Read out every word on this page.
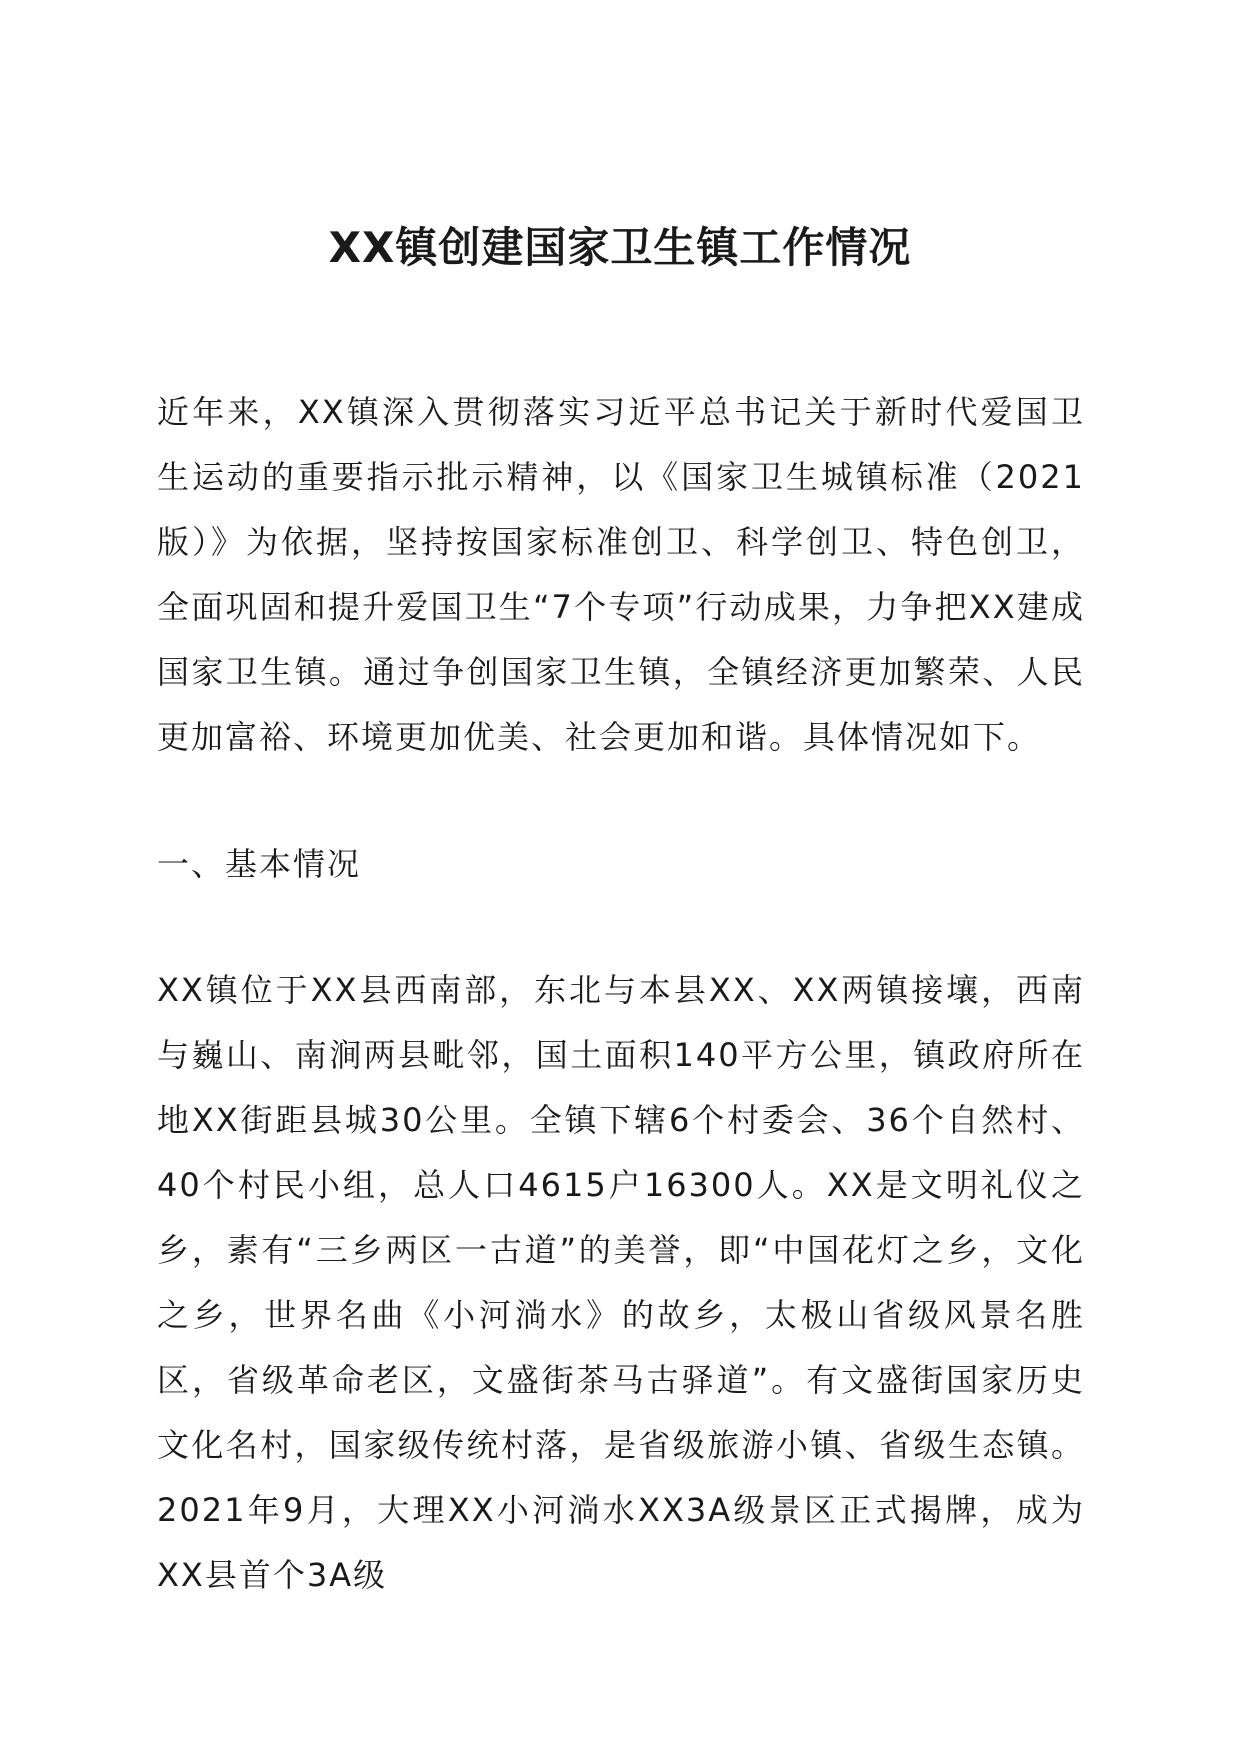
XX镇创建国家卫生镇工作情况

近年来，XX镇深入贯彻落实习近平总书记关于新时代爱国卫生运动的重要指示批示精神，以《国家卫生城镇标准（2021版）》为依据，坚持按国家标准创卫、科学创卫、特色创卫，全面巩固和提升爱国卫生“7个专项”行动成果，力争把XX建成国家卫生镇。通过争创国家卫生镇，全镇经济更加繁荣、人民更加富裕、环境更加优美、社会更加和谐。具体情况如下。

一、基本情况

XX镇位于XX县西南部，东北与本县XX、XX两镇接壤，西南与巍山、南涧两县毗邻，国土面积140平方公里，镇政府所在地XX街距县城30公里。全镇下辖6个村委会、36个自然村、40个村民小组，总人口4615户16300人。XX是文明礼仪之乡，素有“三乡两区一古道”的美誉，即“中国花灯之乡，文化之乡，世界名曲《小河淌水》的故乡，太极山省级风景名胜区，省级革命老区，文盛街茶马古驿道”。有文盛街国家历史文化名村，国家级传统村落，是省级旅游小镇、省级生态镇。2021年9月，大理XX小河淌水XX3A级景区正式揭牌，成为XX县首个3A级
